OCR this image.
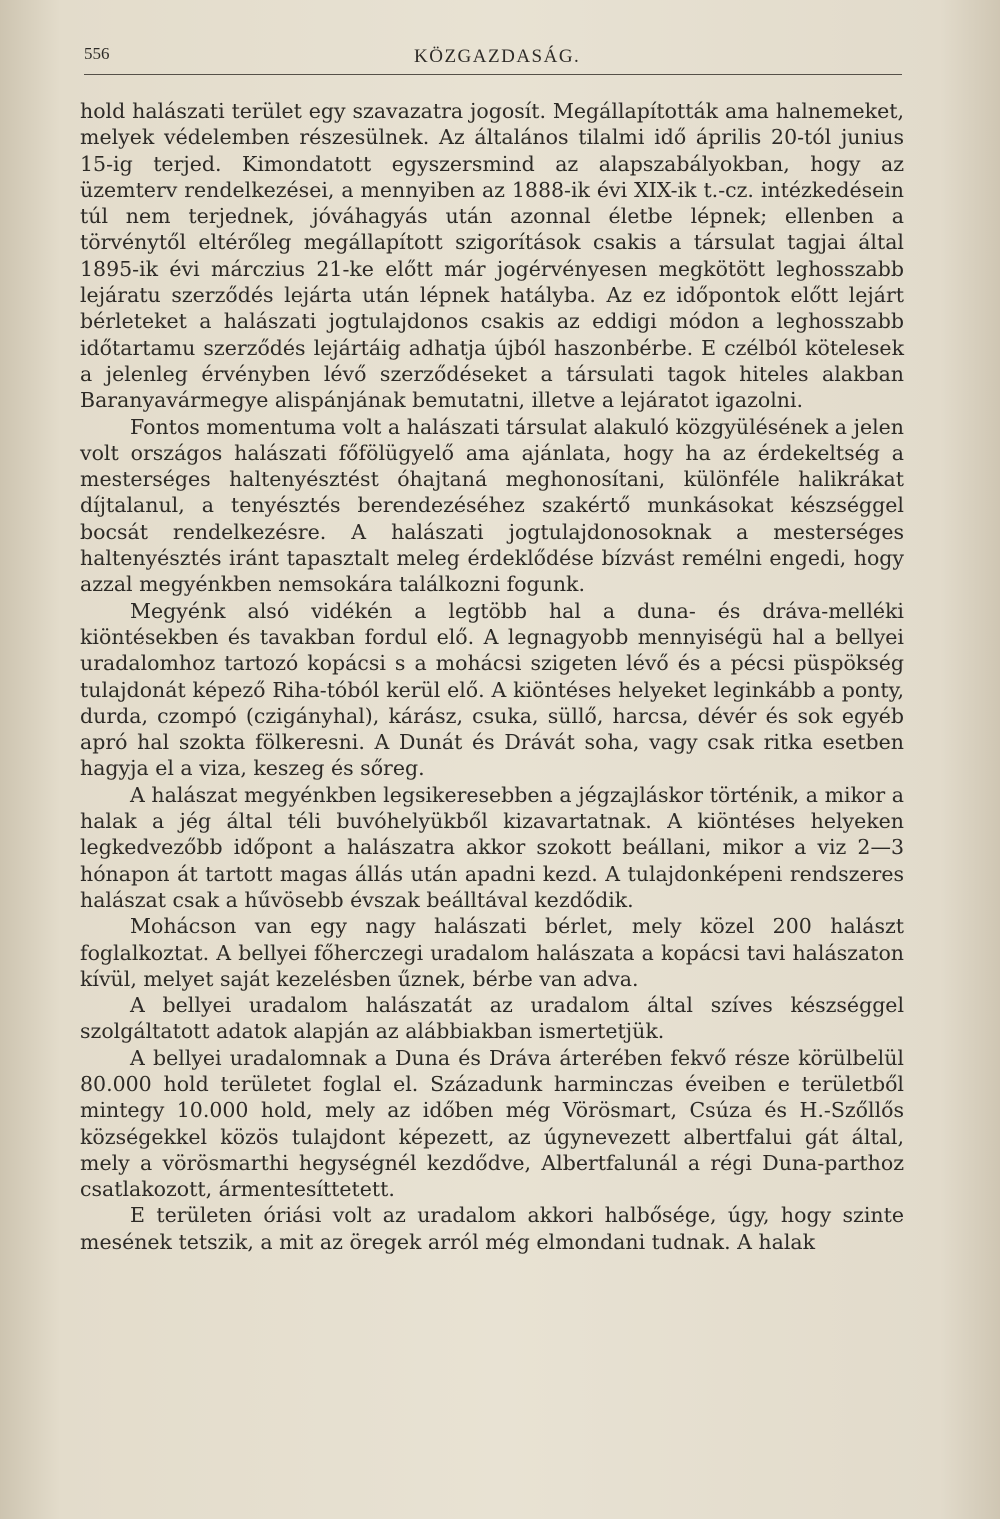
556	KÖZGAZDASÁG.

hold halászati terület egy szavazatra jogosít. Megállapították ama halnemeket, melyek védelemben részesülnek. Az általános tilalmi idő április 20-tól junius 15-ig terjed. Kimondatott egyszersmind az alapszabályokban, hogy az üzemterv rendelkezései, a mennyiben az 1888-ik évi XIX-ik t.-cz. intézkedésein túl nem terjednek, jóváhagyás után azonnal életbe lépnek; ellenben a törvénytől eltérőleg megállapított szigorítások csakis a társulat tagjai által 1895-ik évi márczius 21-ke előtt már jogérvényesen megkötött leghosszabb lejáratu szerződés lejárta után lépnek hatályba. Az ez időpontok előtt lejárt bérleteket a halászati jogtulajdonos csakis az eddigi módon a leghosszabb időtartamu szerződés lejártáig adhatja újból haszonbérbe. E czélból kötelesek a jelenleg érvényben lévő szerződéseket a társulati tagok hiteles alakban Baranyavármegye alispánjának bemutatni, illetve a lejáratot igazolni.

Fontos momentuma volt a halászati társulat alakuló közgyülésének a jelen volt országos halászati főfölügyelő ama ajánlata, hogy ha az érdekeltség a mesterséges haltenyésztést óhajtaná meghonosítani, különféle halikrákat díjtalanul, a tenyésztés berendezéséhez szakértő munkásokat készséggel bocsát rendelkezésre. A halászati jogtulajdonosoknak a mesterséges haltenyésztés iránt tapasztalt meleg érdeklődése bízvást remélni engedi, hogy azzal megyénkben nemsokára találkozni fogunk.

Megyénk alsó vidékén a legtöbb hal a duna- és dráva-melléki kiöntésekben és tavakban fordul elő. A legnagyobb mennyiségü hal a bellyei uradalomhoz tartozó kopácsi s a mohácsi szigeten lévő és a pécsi püspökség tulajdonát képező Riha-tóból kerül elő. A kiöntéses helyeket leginkább a ponty, durda, czompó (czigányhal), kárász, csuka, süllő, harcsa, dévér és sok egyéb apró hal szokta fölkeresni. A Dunát és Drávát soha, vagy csak ritka esetben hagyja el a viza, keszeg és sőreg.

A halászat megyénkben legsikeresebben a jégzajláskor történik, a mikor a halak a jég által téli buvóhelyükből kizavartatnak. A kiöntéses helyeken legkedvezőbb időpont a halászatra akkor szokott beállani, mikor a viz 2—3 hónapon át tartott magas állás után apadni kezd. A tulajdonképeni rendszeres halászat csak a hűvösebb évszak beálltával kezdődik.

Mohácson van egy nagy halászati bérlet, mely közel 200 halászt foglalkoztat. A bellyei főherczegi uradalom halászata a kopácsi tavi halászaton kívül, melyet saját kezelésben űznek, bérbe van adva.

A bellyei uradalom halászatát az uradalom által szíves készséggel szolgáltatott adatok alapján az alábbiakban ismertetjük.

A bellyei uradalomnak a Duna és Dráva árterében fekvő része körülbelül 80.000 hold területet foglal el. Századunk harminczas éveiben e területből mintegy 10.000 hold, mely az időben még Vörösmart, Csúza és H.-Szőllős községekkel közös tulajdont képezett, az úgynevezett albertfalui gát által, mely a vörösmarthi hegységnél kezdődve, Albertfalunál a régi Duna-parthoz csatlakozott, ármentesíttetett.

E területen óriási volt az uradalom akkori halbősége, úgy, hogy szinte mesének tetszik, a mit az öregek arról még elmondani tudnak. A halak
